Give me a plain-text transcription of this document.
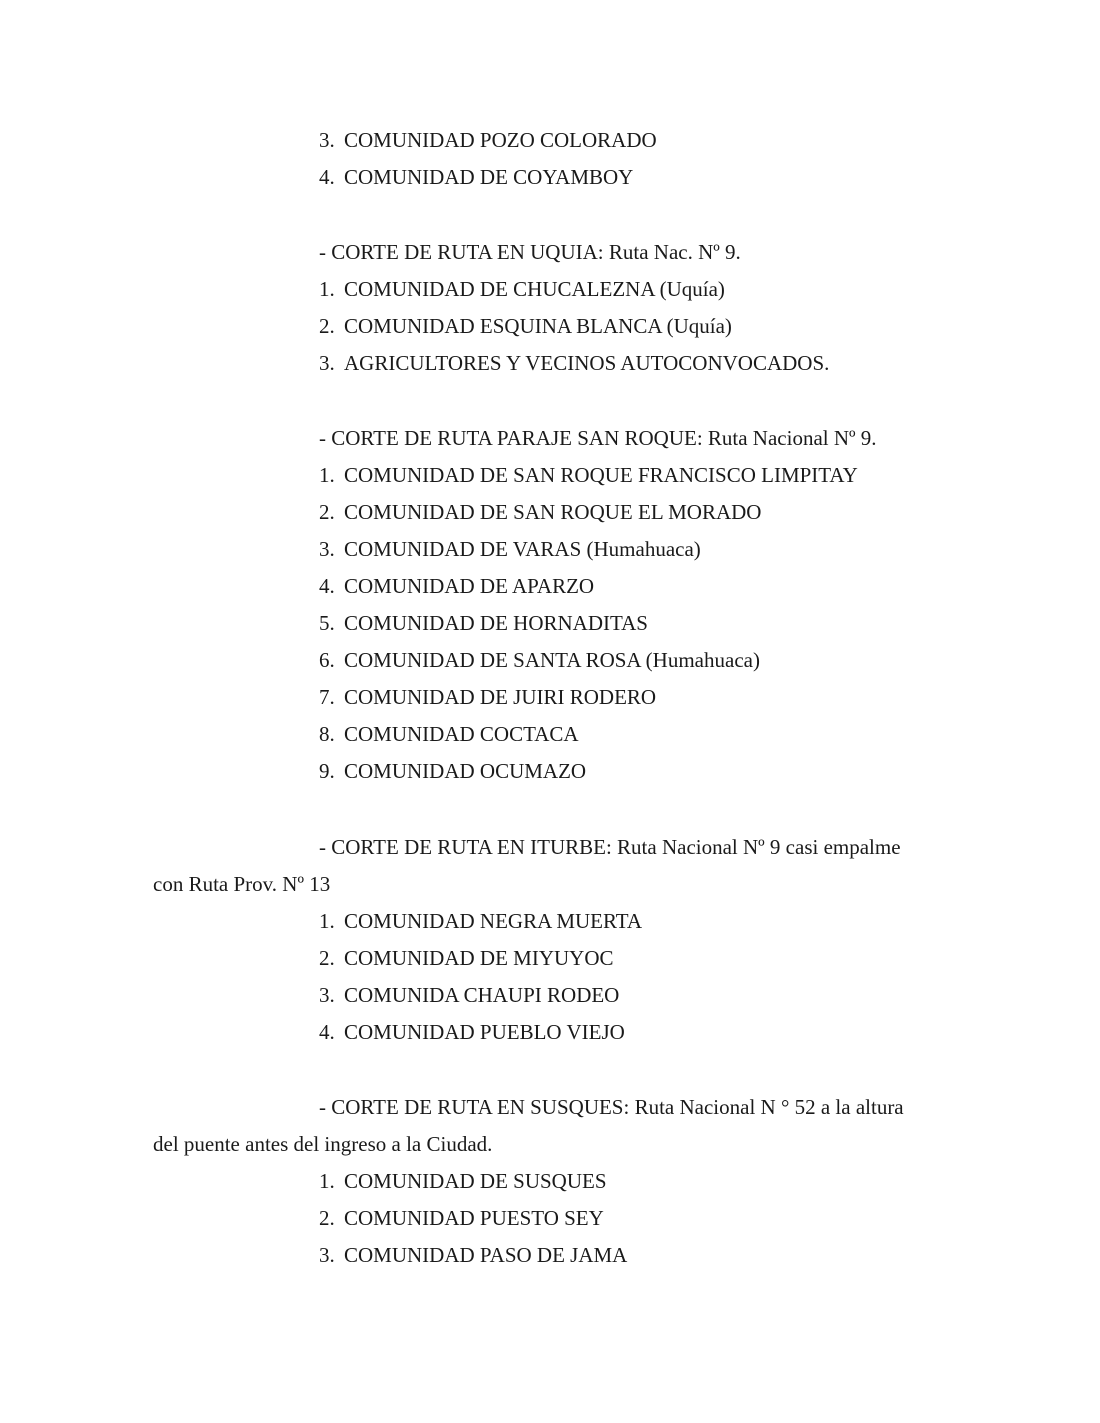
3. COMUNIDAD POZO COLORADO
4. COMUNIDAD DE COYAMBOY
- CORTE DE RUTA EN UQUIA: Ruta Nac. Nº 9.
1. COMUNIDAD DE CHUCALEZNA (Uquía)
2. COMUNIDAD ESQUINA BLANCA (Uquía)
3. AGRICULTORES Y VECINOS AUTOCONVOCADOS.
- CORTE DE RUTA PARAJE SAN ROQUE: Ruta Nacional Nº 9.
1. COMUNIDAD DE SAN ROQUE FRANCISCO LIMPITAY
2. COMUNIDAD DE SAN ROQUE EL MORADO
3. COMUNIDAD DE VARAS (Humahuaca)
4. COMUNIDAD DE APARZO
5. COMUNIDAD DE HORNADITAS
6. COMUNIDAD DE SANTA ROSA (Humahuaca)
7. COMUNIDAD DE JUIRI RODERO
8. COMUNIDAD COCTACA
9. COMUNIDAD OCUMAZO
- CORTE DE RUTA EN ITURBE: Ruta Nacional Nº 9 casi empalme
con Ruta Prov. Nº 13
1. COMUNIDAD NEGRA MUERTA
2. COMUNIDAD DE MIYUYOC
3. COMUNIDA CHAUPI RODEO
4. COMUNIDAD PUEBLO VIEJO
- CORTE DE RUTA EN SUSQUES: Ruta Nacional N ° 52 a la altura
del puente antes del ingreso a la Ciudad.
1. COMUNIDAD DE SUSQUES
2. COMUNIDAD PUESTO SEY
3. COMUNIDAD PASO DE JAMA
